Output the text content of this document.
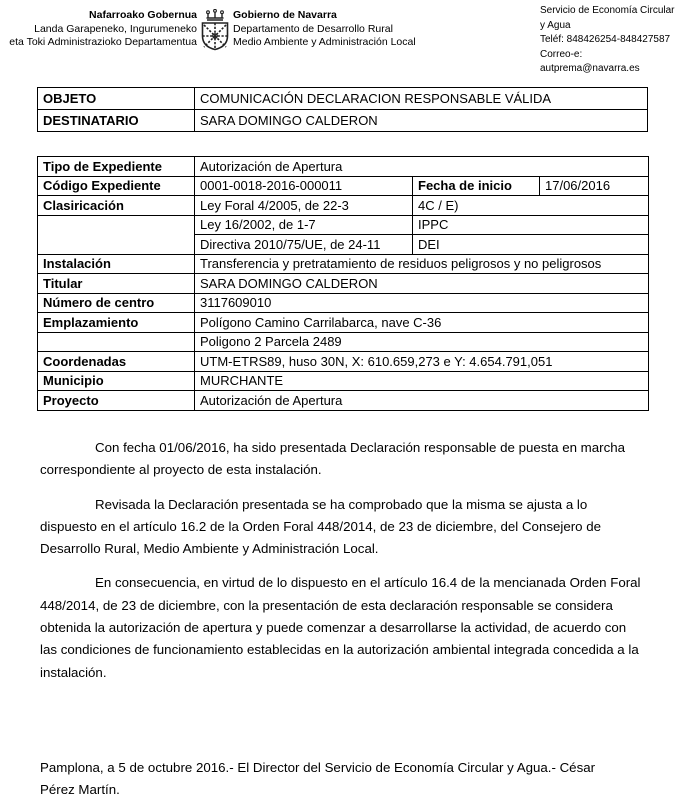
Nafarroako Gobernua
Landa Garapeneko, Ingurumeneko
eta Toki Administrazioko Departamentua
Gobierno de Navarra
Departamento de Desarrollo Rural
Medio Ambiente y Administración Local
Servicio de Economía Circular y Agua
Teléf: 848426254-848427587
Correo-e: autprema@navarra.es
OBJETO	COMUNICACIÓN DECLARACION RESPONSABLE VÁLIDA
DESTINATARIO	SARA DOMINGO CALDERON
Tipo de Expediente	Autorización de Apertura		
Código Expediente	0001-0018-2016-000011	Fecha de inicio	17/06/2016
Clasiricación	Ley Foral 4/2005, de 22-3	4C / E)	
	Ley 16/2002, de 1-7	IPPC	
	Directiva 2010/75/UE, de 24-11	DEI	
Instalación	Transferencia y pretratamiento de residuos peligrosos y no peligrosos		
Titular	SARA DOMINGO CALDERON		
Número de centro	3117609010		
Emplazamiento	Polígono Camino Carrilabarca, nave C-36		
	Poligono 2 Parcela 2489		
Coordenadas	UTM-ETRS89, huso 30N, X: 610.659,273 e Y: 4.654.791,051		
Municipio	MURCHANTE		
Proyecto	Autorización de Apertura		

Con fecha 01/06/2016, ha sido presentada Declaración responsable de puesta en marcha correspondiente al proyecto de esta instalación.

Revisada la Declaración presentada se ha comprobado que la misma se ajusta a lo dispuesto en el artículo 16.2 de la Orden Foral 448/2014, de 23 de diciembre, del Consejero de Desarrollo Rural, Medio Ambiente y Administración Local.

En consecuencia, en virtud de lo dispuesto en el artículo 16.4 de la mencianada Orden Foral 448/2014, de 23 de diciembre, con la presentación de esta declaración responsable se considera obtenida la autorización de apertura y puede comenzar a desarrollarse la actividad, de acuerdo con las condiciones de funcionamiento establecidas en la autorización ambiental integrada concedida a la instalación.

Pamplona, a 5 de octubre 2016.- El Director del Servicio de Economía Circular y Agua.- César Pérez Martín.
